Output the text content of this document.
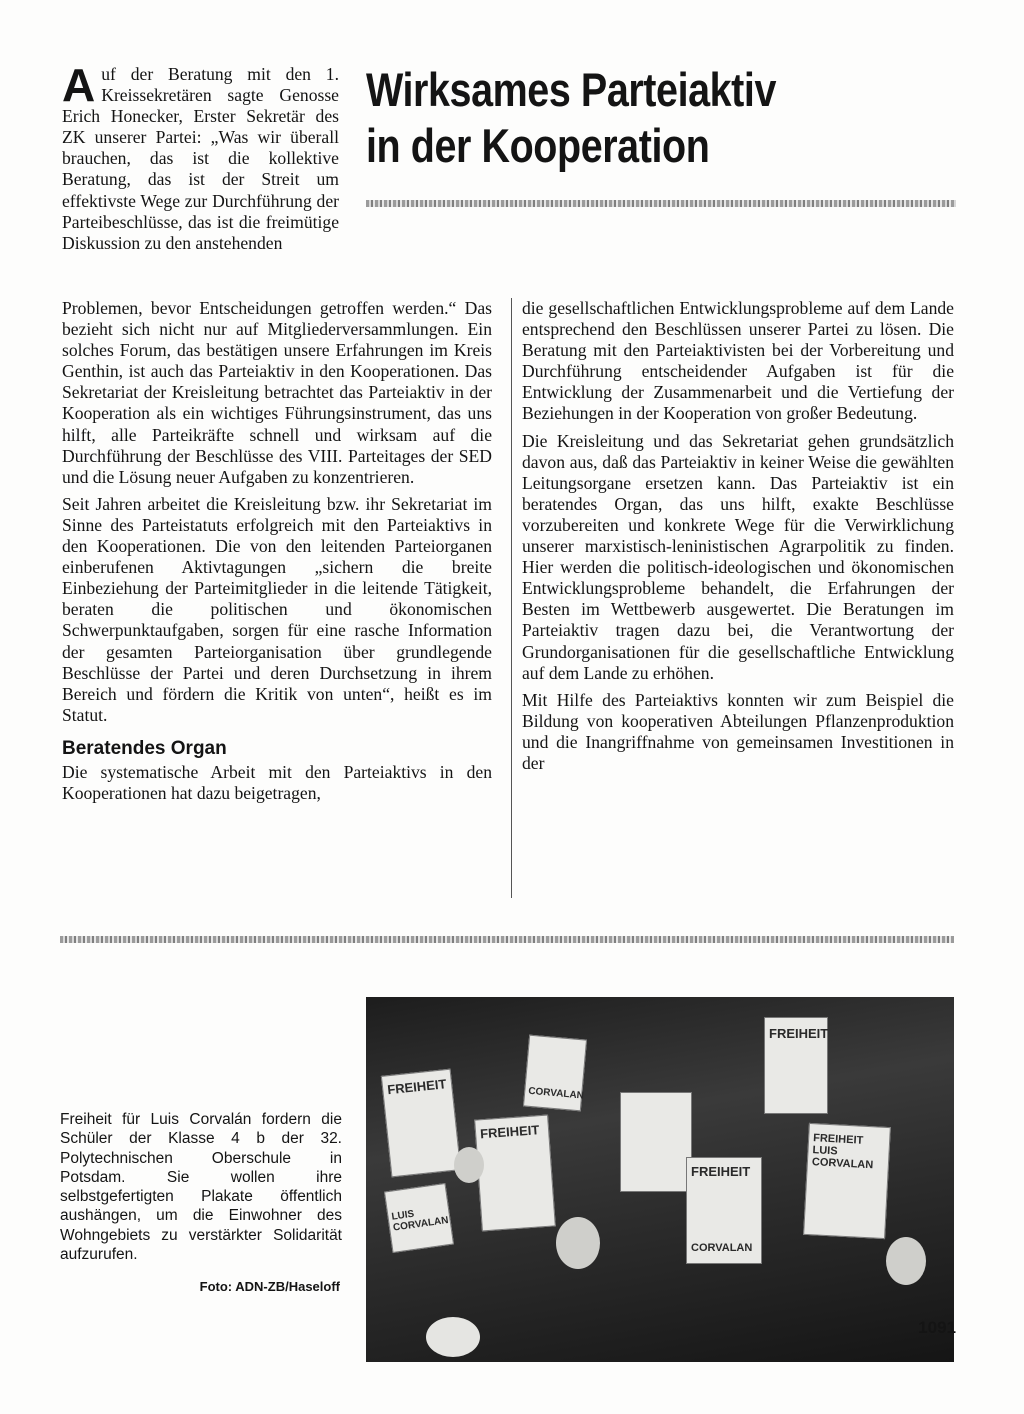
Wirksames Parteiaktiv
in der Kooperation
A uf der Beratung mit den 1. Kreissekretären sagte Genosse Erich Honecker, Erster Sekretär des ZK unserer Partei: „Was wir überall brauchen, das ist die kollektive Beratung, das ist der Streit um effektivste Wege zur Durchführung der Parteibeschlüsse, das ist die freimütige Diskussion zu den anstehenden

Problemen, bevor Entscheidungen getroffen werden.“ Das bezieht sich nicht nur auf Mitgliederversammlungen. Ein solches Forum, das bestätigen unsere Erfahrungen im Kreis Genthin, ist auch das Parteiaktiv in den Kooperationen. Das Sekretariat der Kreisleitung betrachtet das Parteiaktiv in der Kooperation als ein wichtiges Führungsinstrument, das uns hilft, alle Parteikräfte schnell und wirksam auf die Durchführung der Beschlüsse des VIII. Parteitages der SED und die Lösung neuer Aufgaben zu konzentrieren.

Seit Jahren arbeitet die Kreisleitung bzw. ihr Sekretariat im Sinne des Parteistatuts erfolgreich mit den Parteiaktivs in den Kooperationen. Die von den leitenden Parteiorganen einberufenen Aktivtagungen „sichern die breite Einbeziehung der Parteimitglieder in die leitende Tätigkeit, beraten die politischen und ökonomischen Schwerpunktaufgaben, sorgen für eine rasche Information der gesamten Parteiorganisation über grundlegende Beschlüsse der Partei und deren Durchsetzung in ihrem Bereich und fördern die Kritik von unten“, heißt es im Statut.

Beratendes Organ

Die systematische Arbeit mit den Parteiaktivs in den Kooperationen hat dazu beigetragen,

die gesellschaftlichen Entwicklungsprobleme auf dem Lande entsprechend den Beschlüssen unserer Partei zu lösen. Die Beratung mit den Parteiaktivisten bei der Vorbereitung und Durchführung entscheidender Aufgaben ist für die Entwicklung der Zusammenarbeit und die Vertiefung der Beziehungen in der Kooperation von großer Bedeutung.

Die Kreisleitung und das Sekretariat gehen grundsätzlich davon aus, daß das Parteiaktiv in keiner Weise die gewählten Leitungsorgane ersetzen kann. Das Parteiaktiv ist ein beratendes Organ, das uns hilft, exakte Beschlüsse vorzubereiten und konkrete Wege für die Verwirklichung unserer marxistisch-leninistischen Agrarpolitik zu finden. Hier werden die politisch-ideologischen und ökonomischen Entwicklungsprobleme behandelt, die Erfahrungen der Besten im Wettbewerb ausgewertet. Die Beratungen im Parteiaktiv tragen dazu bei, die Verantwortung der Grundorganisationen für die gesellschaftliche Entwicklung auf dem Lande zu erhöhen.

Mit Hilfe des Parteiaktivs konnten wir zum Beispiel die Bildung von kooperativen Abteilungen Pflanzenproduktion und die Inangriffnahme von gemeinsamen Investitionen in der

FREIHEIT
FREIHEIT
FREIHEIT
FREIHEIT LUIS CORVALAN
FREIHEIT
CORVALAN
LUIS CORVALAN
CORVALAN
Freiheit für Luis Corvalán fordern die Schüler der Klasse 4 b der 32. Polytechnischen Oberschule in Potsdam. Sie wollen ihre selbstgefertigten Plakate öffentlich aushängen, um die Einwohner des Wohngebiets zu verstärkter Solidarität aufzurufen.
Foto: ADN-ZB/Haseloff
1091
